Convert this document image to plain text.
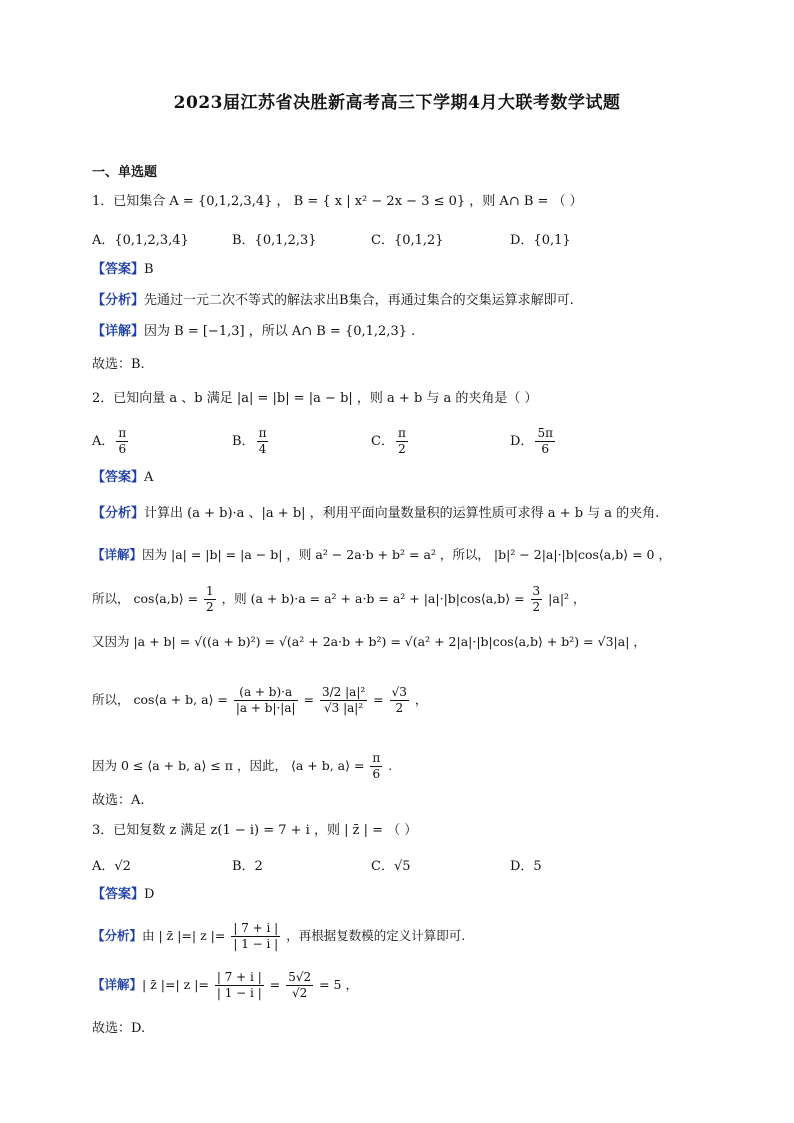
2023届江苏省决胜新高考高三下学期4月大联考数学试题
一、单选题
1．已知集合 A = {0,1,2,3,4} ， B = { x | x² − 2x − 3 ≤ 0} ，则 A∩ B = （ ）
A．{0,1,2,3,4}	B．{0,1,2,3}	C．{0,1,2}	D．{0,1}
【答案】B
【分析】先通过一元二次不等式的解法求出B集合，再通过集合的交集运算求解即可.
【详解】因为 B = [−1,3] ，所以 A∩ B = {0,1,2,3} .
故选：B.
2．已知向量 a 、b 满足 |a| = |b| = |a − b| ，则 a + b 与 a 的夹角是（ ）
A． $\frac{\pi}{6}$	B． $\frac{\pi}{4}$	C． $\frac{\pi}{2}$	D． $\frac{5\pi}{6}$
【答案】A
【分析】计算出 (a + b)·a 、|a + b| ，利用平面向量数量积的运算性质可求得 a + b 与 a 的夹角.
【详解】因为 |a| = |b| = |a − b| ，则 a² − 2a·b + b² = a² ，所以， |b|² − 2|a|·|b|cos⟨a,b⟩ = 0 ，
所以， cos⟨a,b⟩ = $\frac{1}{2}$ ，则 (a + b)·a = a² + a·b = a² + |a|·|b|cos⟨a,b⟩ = $\frac{3}{2} |a|^2$ ，
又因为 |a + b| = √((a + b)²) = √(a² + 2a·b + b²) = √(a² + 2|a|·|b|cos⟨a,b⟩ + b²) = √3|a| ，
所以， cos⟨a + b, a⟩ = $\frac{(a + b)\cdot a}{|a + b|\cdot|a|} = \frac{\text{3/2 |a|²}}{\text{√3 |a|²}} = \frac{√3}{2}$ ，
因为 0 ≤ ⟨a + b, a⟩ ≤ π ，因此， ⟨a + b, a⟩ = $\frac{\pi}{6}$ .
故选：A.
3．已知复数 z 满足 z(1 − i) = 7 + i ，则 | z̄ | = （ ）
A．√2	B．2	C．√5	D．5
【答案】D
【分析】由 | z̄ |=| z |= $\frac{| 7 + i |}{| 1 - i |}$ ，再根据复数模的定义计算即可.
【详解】| z̄ |=| z |= $\frac{| 7 + i |}{| 1 - i |} = \frac{5√2}{√2} = 5$ ，
故选：D.
